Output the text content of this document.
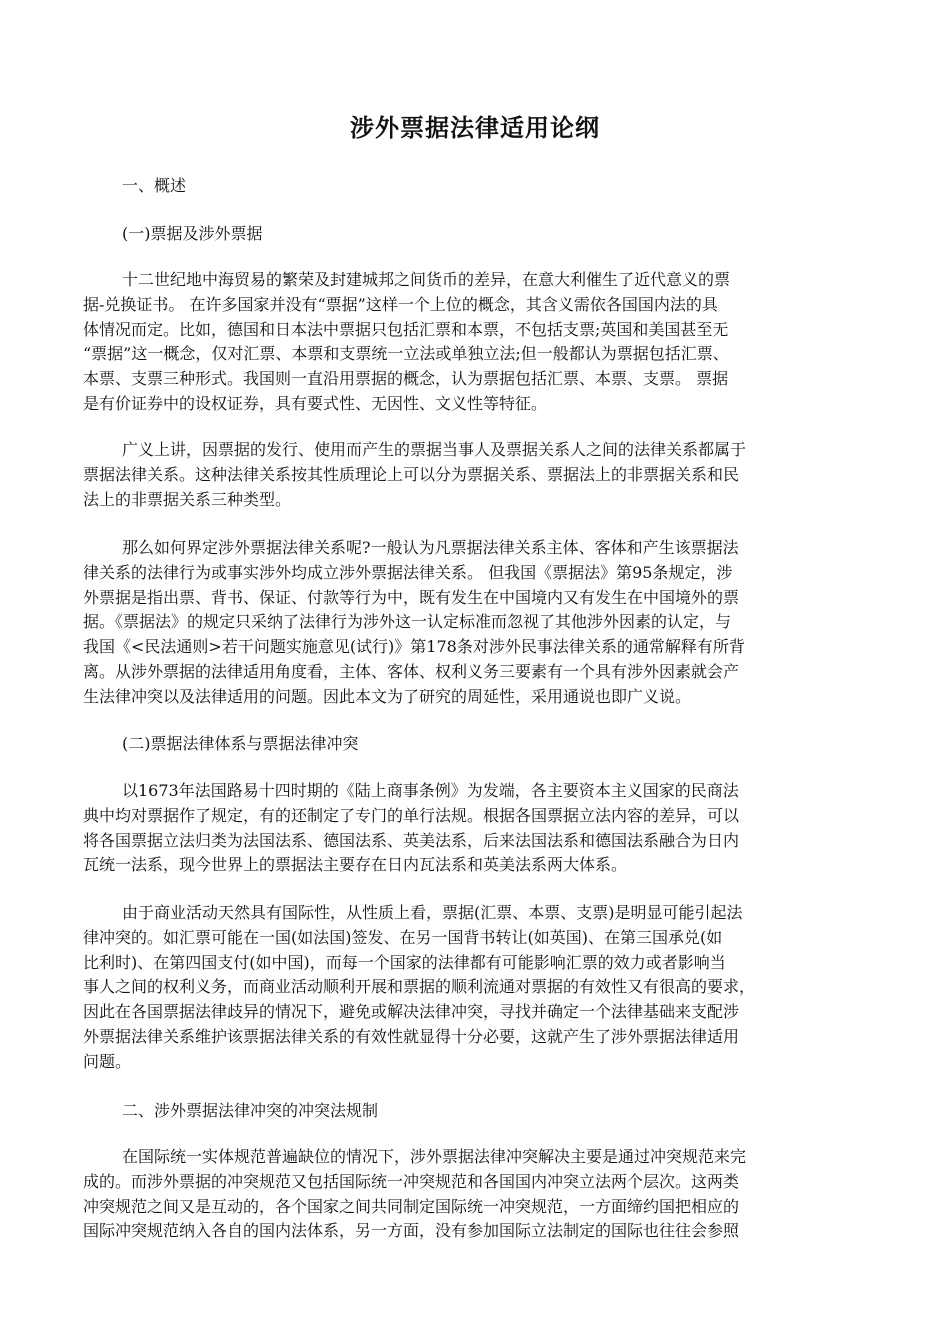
涉外票据法律适用论纲

一、概述

(一)票据及涉外票据

十二世纪地中海贸易的繁荣及封建城邦之间货币的差异，在意大利催生了近代意义的票
据-兑换证书。 在许多国家并没有“票据”这样一个上位的概念，其含义需依各国国内法的具
体情况而定。比如，德国和日本法中票据只包括汇票和本票，不包括支票;英国和美国甚至无
“票据”这一概念，仅对汇票、本票和支票统一立法或单独立法;但一般都认为票据包括汇票、
本票、支票三种形式。我国则一直沿用票据的概念，认为票据包括汇票、本票、支票。 票据
是有价证券中的设权证券，具有要式性、无因性、文义性等特征。
广义上讲，因票据的发行、使用而产生的票据当事人及票据关系人之间的法律关系都属于
票据法律关系。这种法律关系按其性质理论上可以分为票据关系、票据法上的非票据关系和民
法上的非票据关系三种类型。
那么如何界定涉外票据法律关系呢?一般认为凡票据法律关系主体、客体和产生该票据法
律关系的法律行为或事实涉外均成立涉外票据法律关系。 但我国《票据法》第95条规定，涉
外票据是指出票、背书、保证、付款等行为中，既有发生在中国境内又有发生在中国境外的票
据。《票据法》的规定只采纳了法律行为涉外这一认定标准而忽视了其他涉外因素的认定，与
我国《<民法通则>若干问题实施意见(试行)》第178条对涉外民事法律关系的通常解释有所背
离。从涉外票据的法律适用角度看，主体、客体、权利义务三要素有一个具有涉外因素就会产
生法律冲突以及法律适用的问题。因此本文为了研究的周延性，采用通说也即广义说。

(二)票据法律体系与票据法律冲突

以1673年法国路易十四时期的《陆上商事条例》为发端，各主要资本主义国家的民商法
典中均对票据作了规定，有的还制定了专门的单行法规。根据各国票据立法内容的差异，可以
将各国票据立法归类为法国法系、德国法系、英美法系，后来法国法系和德国法系融合为日内
瓦统一法系，现今世界上的票据法主要存在日内瓦法系和英美法系两大体系。
由于商业活动天然具有国际性，从性质上看，票据(汇票、本票、支票)是明显可能引起法
律冲突的。如汇票可能在一国(如法国)签发、在另一国背书转让(如英国)、在第三国承兑(如
比利时)、在第四国支付(如中国)，而每一个国家的法律都有可能影响汇票的效力或者影响当
事人之间的权利义务，而商业活动顺利开展和票据的顺利流通对票据的有效性又有很高的要求，
因此在各国票据法律歧异的情况下，避免或解决法律冲突，寻找并确定一个法律基础来支配涉
外票据法律关系维护该票据法律关系的有效性就显得十分必要，这就产生了涉外票据法律适用
问题。

二、涉外票据法律冲突的冲突法规制

在国际统一实体规范普遍缺位的情况下，涉外票据法律冲突解决主要是通过冲突规范来完
成的。而涉外票据的冲突规范又包括国际统一冲突规范和各国国内冲突立法两个层次。这两类
冲突规范之间又是互动的，各个国家之间共同制定国际统一冲突规范，一方面缔约国把相应的
国际冲突规范纳入各自的国内法体系，另一方面，没有参加国际立法制定的国际也往往会参照
